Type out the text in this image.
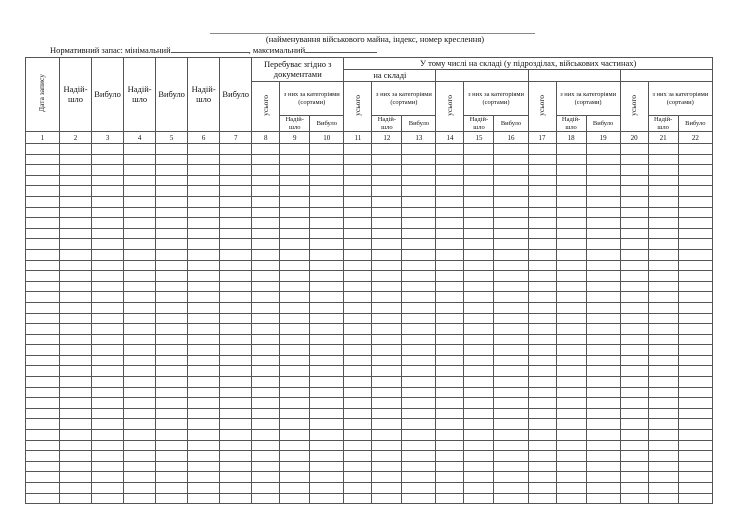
(найменування військового майна, індекс, номер креслення)
Нормативний запас: мінімальний	, максимальний
Дата запису	Надій-шло	Вибуло	Надій-шло	Вибуло	Надій-шло	Вибуло	Перебуває згідно з документами			У тому числі на складі (у підрозділах, військових частинах)											
										на складі											
							усього	з них за категоріями (сортами)		усього	з них за категоріями (сортами)		усього	з них за категоріями (сортами)		усього	з них за категоріями (сортами)		усього	з них за категоріями (сортами)	
								Надій-шло	Вибуло		Надій-шло	Вибуло		Надій-шло	Вибуло		Надій-шло	Вибуло		Надій-шло	Вибуло
1	2	3	4	5	6	7	8	9	10	11	12	13	14	15	16	17	18	19	20	21	22
